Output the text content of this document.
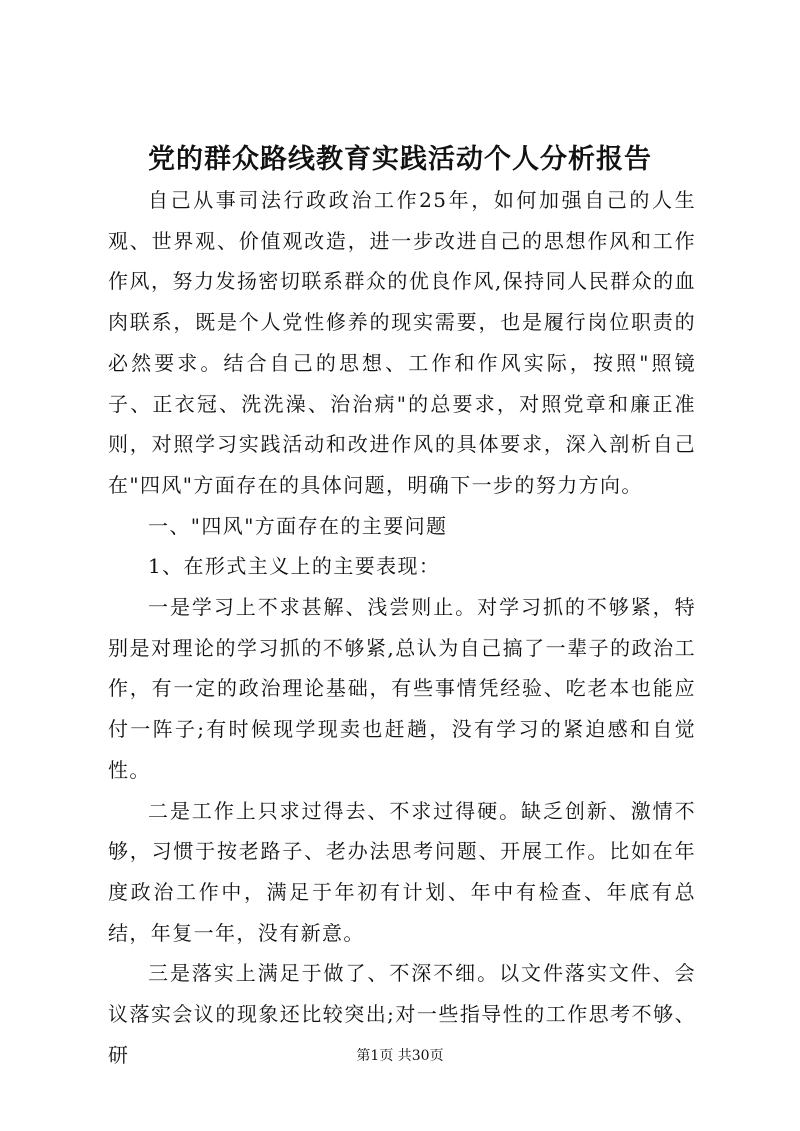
党的群众路线教育实践活动个人分析报告

自己从事司法行政政治工作25年，如何加强自己的人生观、世界观、价值观改造，进一步改进自己的思想作风和工作作风，努力发扬密切联系群众的优良作风,保持同人民群众的血肉联系，既是个人党性修养的现实需要，也是履行岗位职责的必然要求。结合自己的思想、工作和作风实际，按照"照镜子、正衣冠、洗洗澡、治治病"的总要求，对照党章和廉正准则，对照学习实践活动和改进作风的具体要求，深入剖析自己在"四风"方面存在的具体问题，明确下一步的努力方向。

一、"四风"方面存在的主要问题

1、在形式主义上的主要表现：

一是学习上不求甚解、浅尝则止。对学习抓的不够紧，特别是对理论的学习抓的不够紧,总认为自己搞了一辈子的政治工作，有一定的政治理论基础，有些事情凭经验、吃老本也能应付一阵子;有时候现学现卖也赶趟，没有学习的紧迫感和自觉性。

二是工作上只求过得去、不求过得硬。缺乏创新、激情不够，习惯于按老路子、老办法思考问题、开展工作。比如在年度政治工作中，满足于年初有计划、年中有检查、年底有总结，年复一年，没有新意。

三是落实上满足于做了、不深不细。以文件落实文件、会议落实会议的现象还比较突出;对一些指导性的工作思考不够、研	第1页 共30页
